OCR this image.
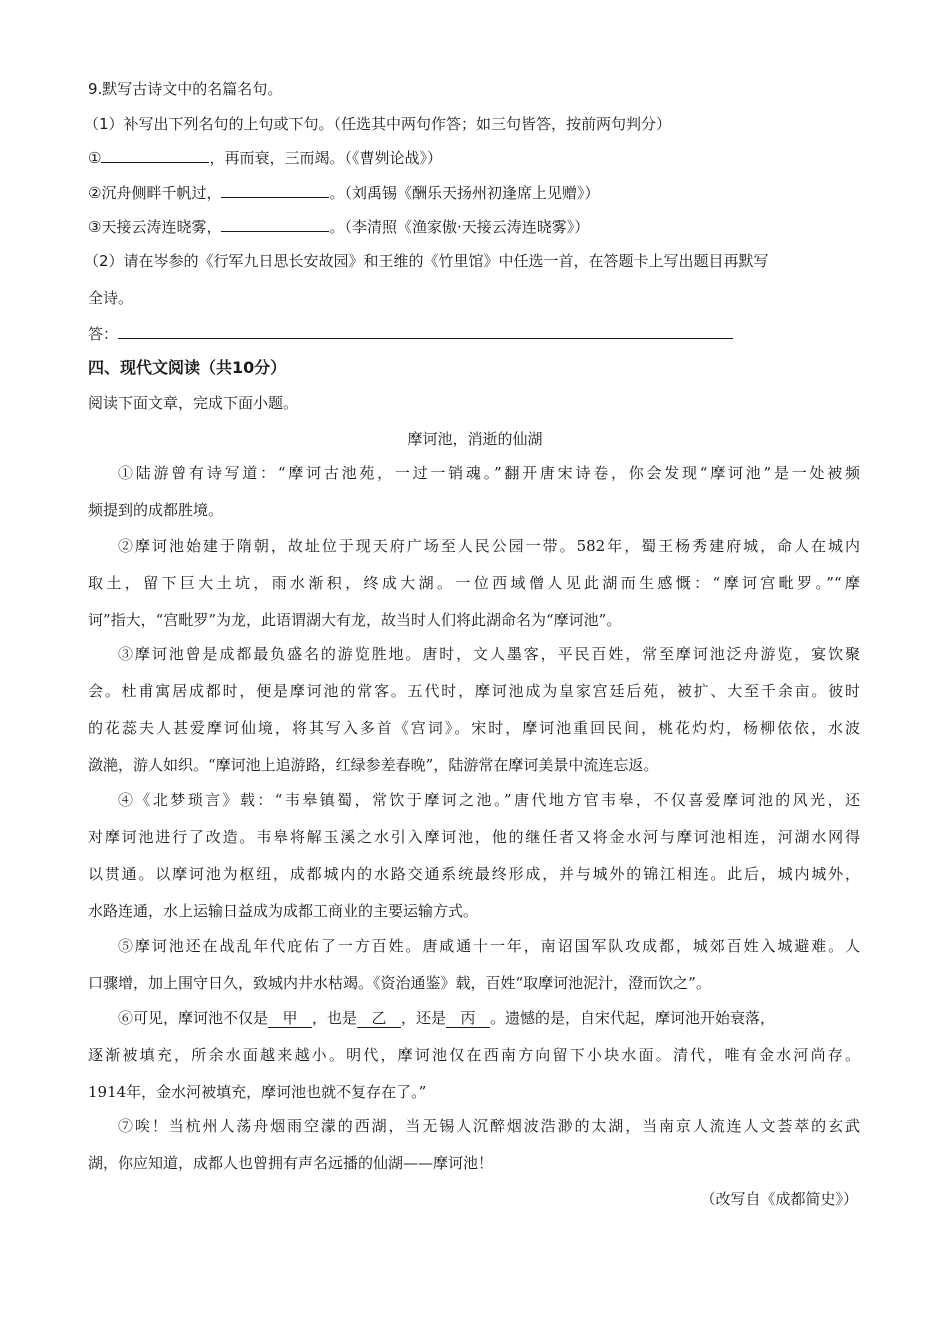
9.默写古诗文中的名篇名句。
（1）补写出下列名句的上句或下句。（任选其中两句作答；如三句皆答，按前两句判分）
①	，再而衰，三而竭。（《曹刿论战》）
②沉舟侧畔千帆过，	。（刘禹锡《酬乐天扬州初逢席上见赠》）
③天接云涛连晓雾，	。（李清照《渔家傲·天接云涛连晓雾》）
（2）请在岑参的《行军九日思长安故园》和王维的《竹里馆》中任选一首，在答题卡上写出题目再默写
全诗。
答：
四、现代文阅读（共10分）
阅读下面文章，完成下面小题。
摩诃池，消逝的仙湖
①陆游曾有诗写道：“摩诃古池苑，一过一销魂。”翻开唐宋诗卷，你会发现“摩诃池”是一处被频
频提到的成都胜境。
②摩诃池始建于隋朝，故址位于现天府广场至人民公园一带。582年，蜀王杨秀建府城，命人在城内
取土，留下巨大土坑，雨水渐积，终成大湖。一位西域僧人见此湖而生感慨：“摩诃宫毗罗。”“摩
诃”指大，“宫毗罗”为龙，此语谓湖大有龙，故当时人们将此湖命名为“摩诃池”。
③摩诃池曾是成都最负盛名的游览胜地。唐时，文人墨客，平民百姓，常至摩诃池泛舟游览，宴饮聚
会。杜甫寓居成都时，便是摩诃池的常客。五代时，摩诃池成为皇家宫廷后苑，被扩、大至千余亩。彼时
的花蕊夫人甚爱摩诃仙境，将其写入多首《宫词》。宋时，摩诃池重回民间，桃花灼灼，杨柳依依，水波
潋滟，游人如织。“摩诃池上追游路，红绿参差春晚”，陆游常在摩诃美景中流连忘返。
④《北梦琐言》载：“韦皋镇蜀，常饮于摩诃之池。”唐代地方官韦皋，不仅喜爱摩诃池的风光，还
对摩诃池进行了改造。韦皋将解玉溪之水引入摩诃池，他的继任者又将金水河与摩诃池相连，河湖水网得
以贯通。以摩诃池为枢纽，成都城内的水路交通系统最终形成，并与城外的锦江相连。此后，城内城外，
水路连通，水上运输日益成为成都工商业的主要运输方式。
⑤摩诃池还在战乱年代庇佑了一方百姓。唐咸通十一年，南诏国军队攻成都，城郊百姓入城避难。人
口骤增，加上围守日久，致城内井水枯竭。《资治通鉴》载，百姓“取摩诃池泥汁，澄而饮之”。
⑥可见，摩诃池不仅是 甲 ，也是 乙 ，还是 丙 。遗憾的是，自宋代起，摩诃池开始衰落，
逐渐被填充，所余水面越来越小。明代，摩诃池仅在西南方向留下小块水面。清代，唯有金水河尚存。
1914年，金水河被填充，摩诃池也就不复存在了。”
⑦唉！当杭州人荡舟烟雨空濛的西湖，当无锡人沉醉烟波浩渺的太湖，当南京人流连人文荟萃的玄武
湖，你应知道，成都人也曾拥有声名远播的仙湖——摩诃池！
（改写自《成都简史》）
